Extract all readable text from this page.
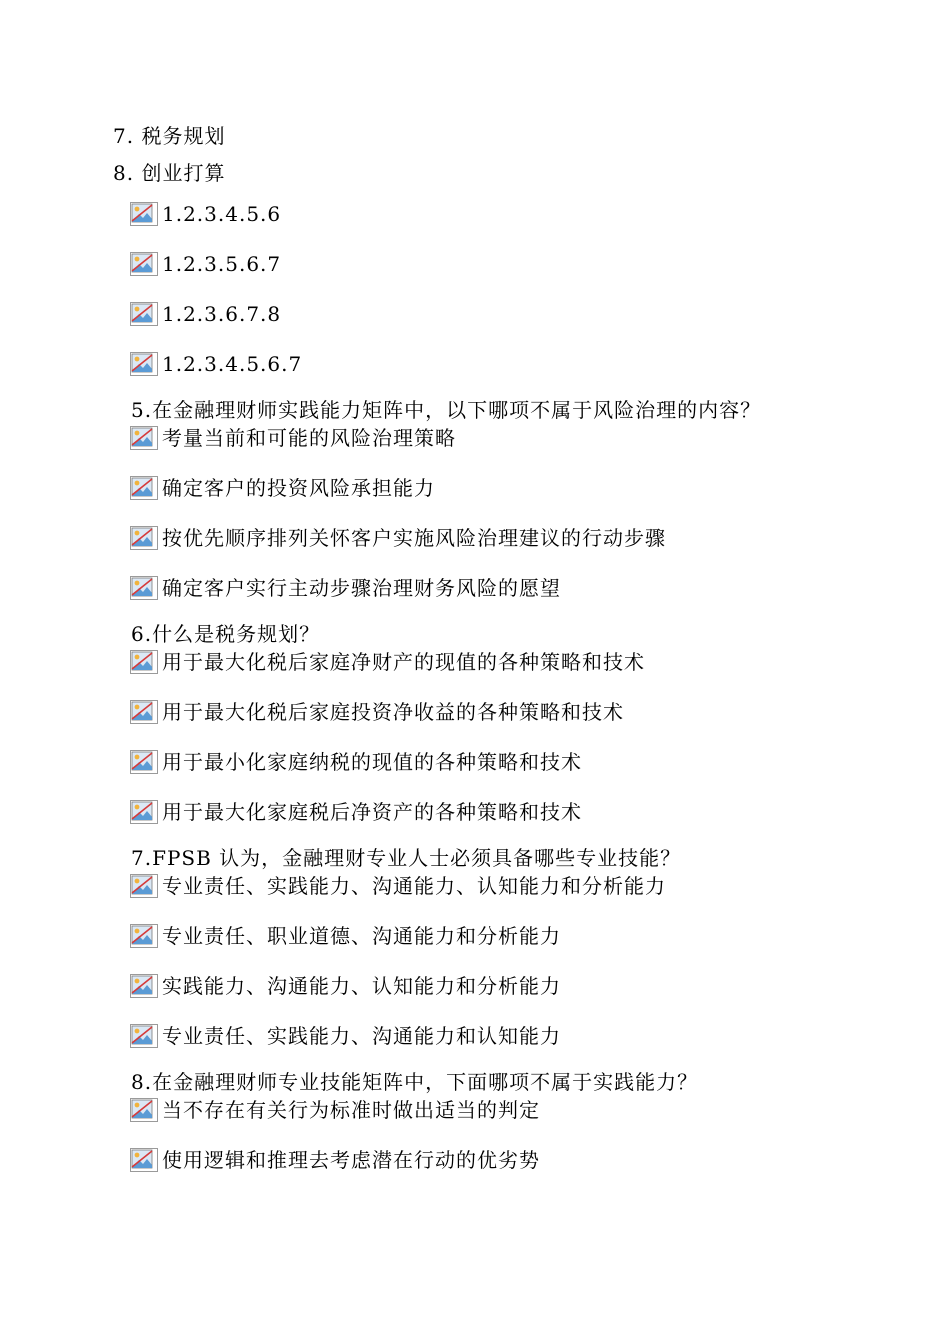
7. 税务规划
8. 创业打算
1.2.3.4.5.6
1.2.3.5.6.7
1.2.3.6.7.8
1.2.3.4.5.6.7
5.在金融理财师实践能力矩阵中，以下哪项不属于风险治理的内容？
考量当前和可能的风险治理策略
确定客户的投资风险承担能力
按优先顺序排列关怀客户实施风险治理建议的行动步骤
确定客户实行主动步骤治理财务风险的愿望
6.什么是税务规划？
用于最大化税后家庭净财产的现值的各种策略和技术
用于最大化税后家庭投资净收益的各种策略和技术
用于最小化家庭纳税的现值的各种策略和技术
用于最大化家庭税后净资产的各种策略和技术
7.FPSB 认为，金融理财专业人士必须具备哪些专业技能？
专业责任、实践能力、沟通能力、认知能力和分析能力
专业责任、职业道德、沟通能力和分析能力
实践能力、沟通能力、认知能力和分析能力
专业责任、实践能力、沟通能力和认知能力
8.在金融理财师专业技能矩阵中，下面哪项不属于实践能力？
当不存在有关行为标准时做出适当的判定
使用逻辑和推理去考虑潜在行动的优劣势
